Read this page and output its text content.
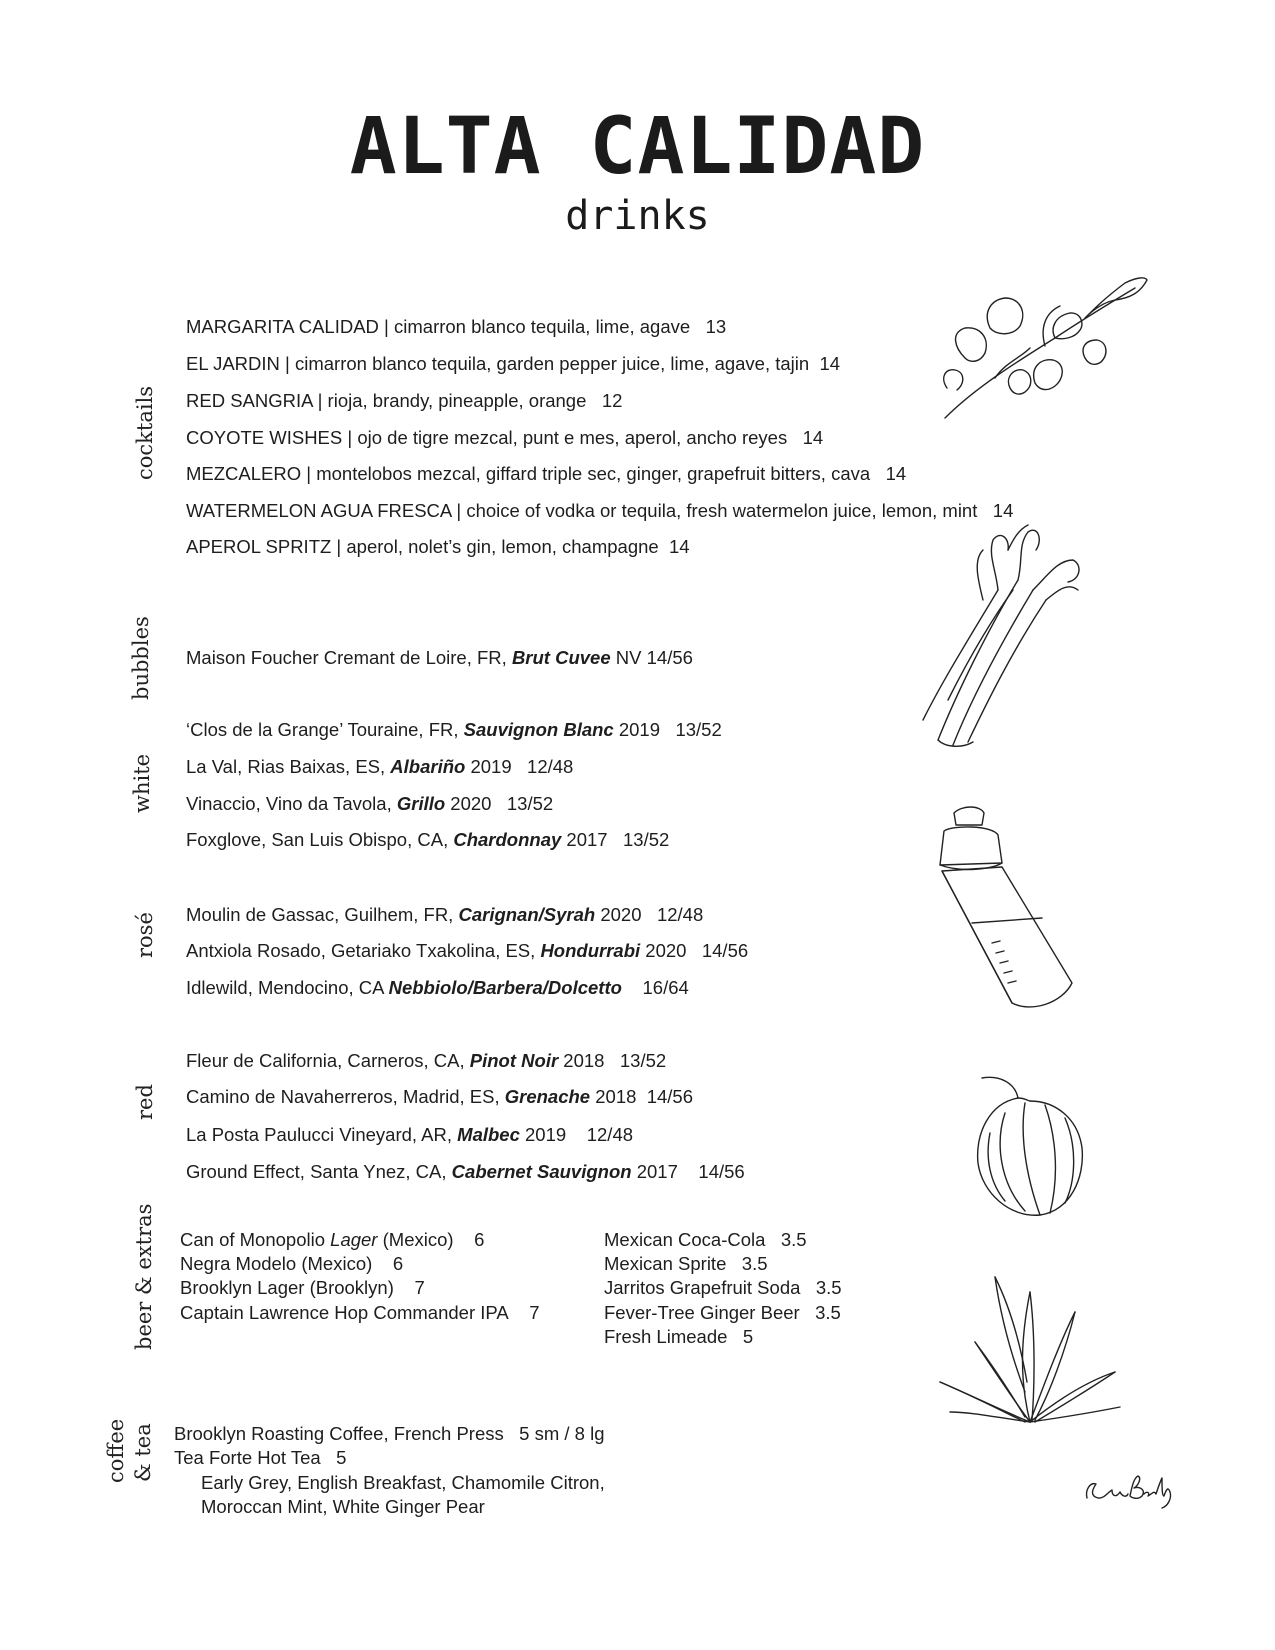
ALTA CALIDAD
drinks
cocktails
bubbles
white
rosé
red
beer & extras
coffee & tea
MARGARITA CALIDAD | cimarron blanco tequila, lime, agave 13
EL JARDIN | cimarron blanco tequila, garden pepper juice, lime, agave, tajin 14
RED SANGRIA | rioja, brandy, pineapple, orange 12
COYOTE WISHES | ojo de tigre mezcal, punt e mes, aperol, ancho reyes 14
MEZCALERO | montelobos mezcal, giffard triple sec, ginger, grapefruit bitters, cava 14
WATERMELON AGUA FRESCA | choice of vodka or tequila, fresh watermelon juice, lemon, mint 14
APEROL SPRITZ | aperol, nolet’s gin, lemon, champagne 14
Maison Foucher Cremant de Loire, FR, Brut Cuvee NV 14/56
‘Clos de la Grange’ Touraine, FR, Sauvignon Blanc 2019 13/52
La Val, Rias Baixas, ES, Albariño 2019 12/48
Vinaccio, Vino da Tavola, Grillo 2020 13/52
Foxglove, San Luis Obispo, CA, Chardonnay 2017 13/52
Moulin de Gassac, Guilhem, FR, Carignan/Syrah 2020 12/48
Antxiola Rosado, Getariako Txakolina, ES, Hondurrabi 2020 14/56
Idlewild, Mendocino, CA Nebbiolo/Barbera/Dolcetto 16/64
Fleur de California, Carneros, CA, Pinot Noir 2018 13/52
Camino de Navaherreros, Madrid, ES, Grenache 2018 14/56
La Posta Paulucci Vineyard, AR, Malbec 2019 12/48
Ground Effect, Santa Ynez, CA, Cabernet Sauvignon 2017 14/56
Can of Monopolio Lager (Mexico) 6
Negra Modelo (Mexico) 6
Brooklyn Lager (Brooklyn) 7
Captain Lawrence Hop Commander IPA 7
Mexican Coca-Cola 3.5
Mexican Sprite 3.5
Jarritos Grapefruit Soda 3.5
Fever-Tree Ginger Beer 3.5
Fresh Limeade 5
Brooklyn Roasting Coffee, French Press 5 sm / 8 lg
Tea Forte Hot Tea 5
Early Grey, English Breakfast, Chamomile Citron,
Moroccan Mint, White Ginger Pear
